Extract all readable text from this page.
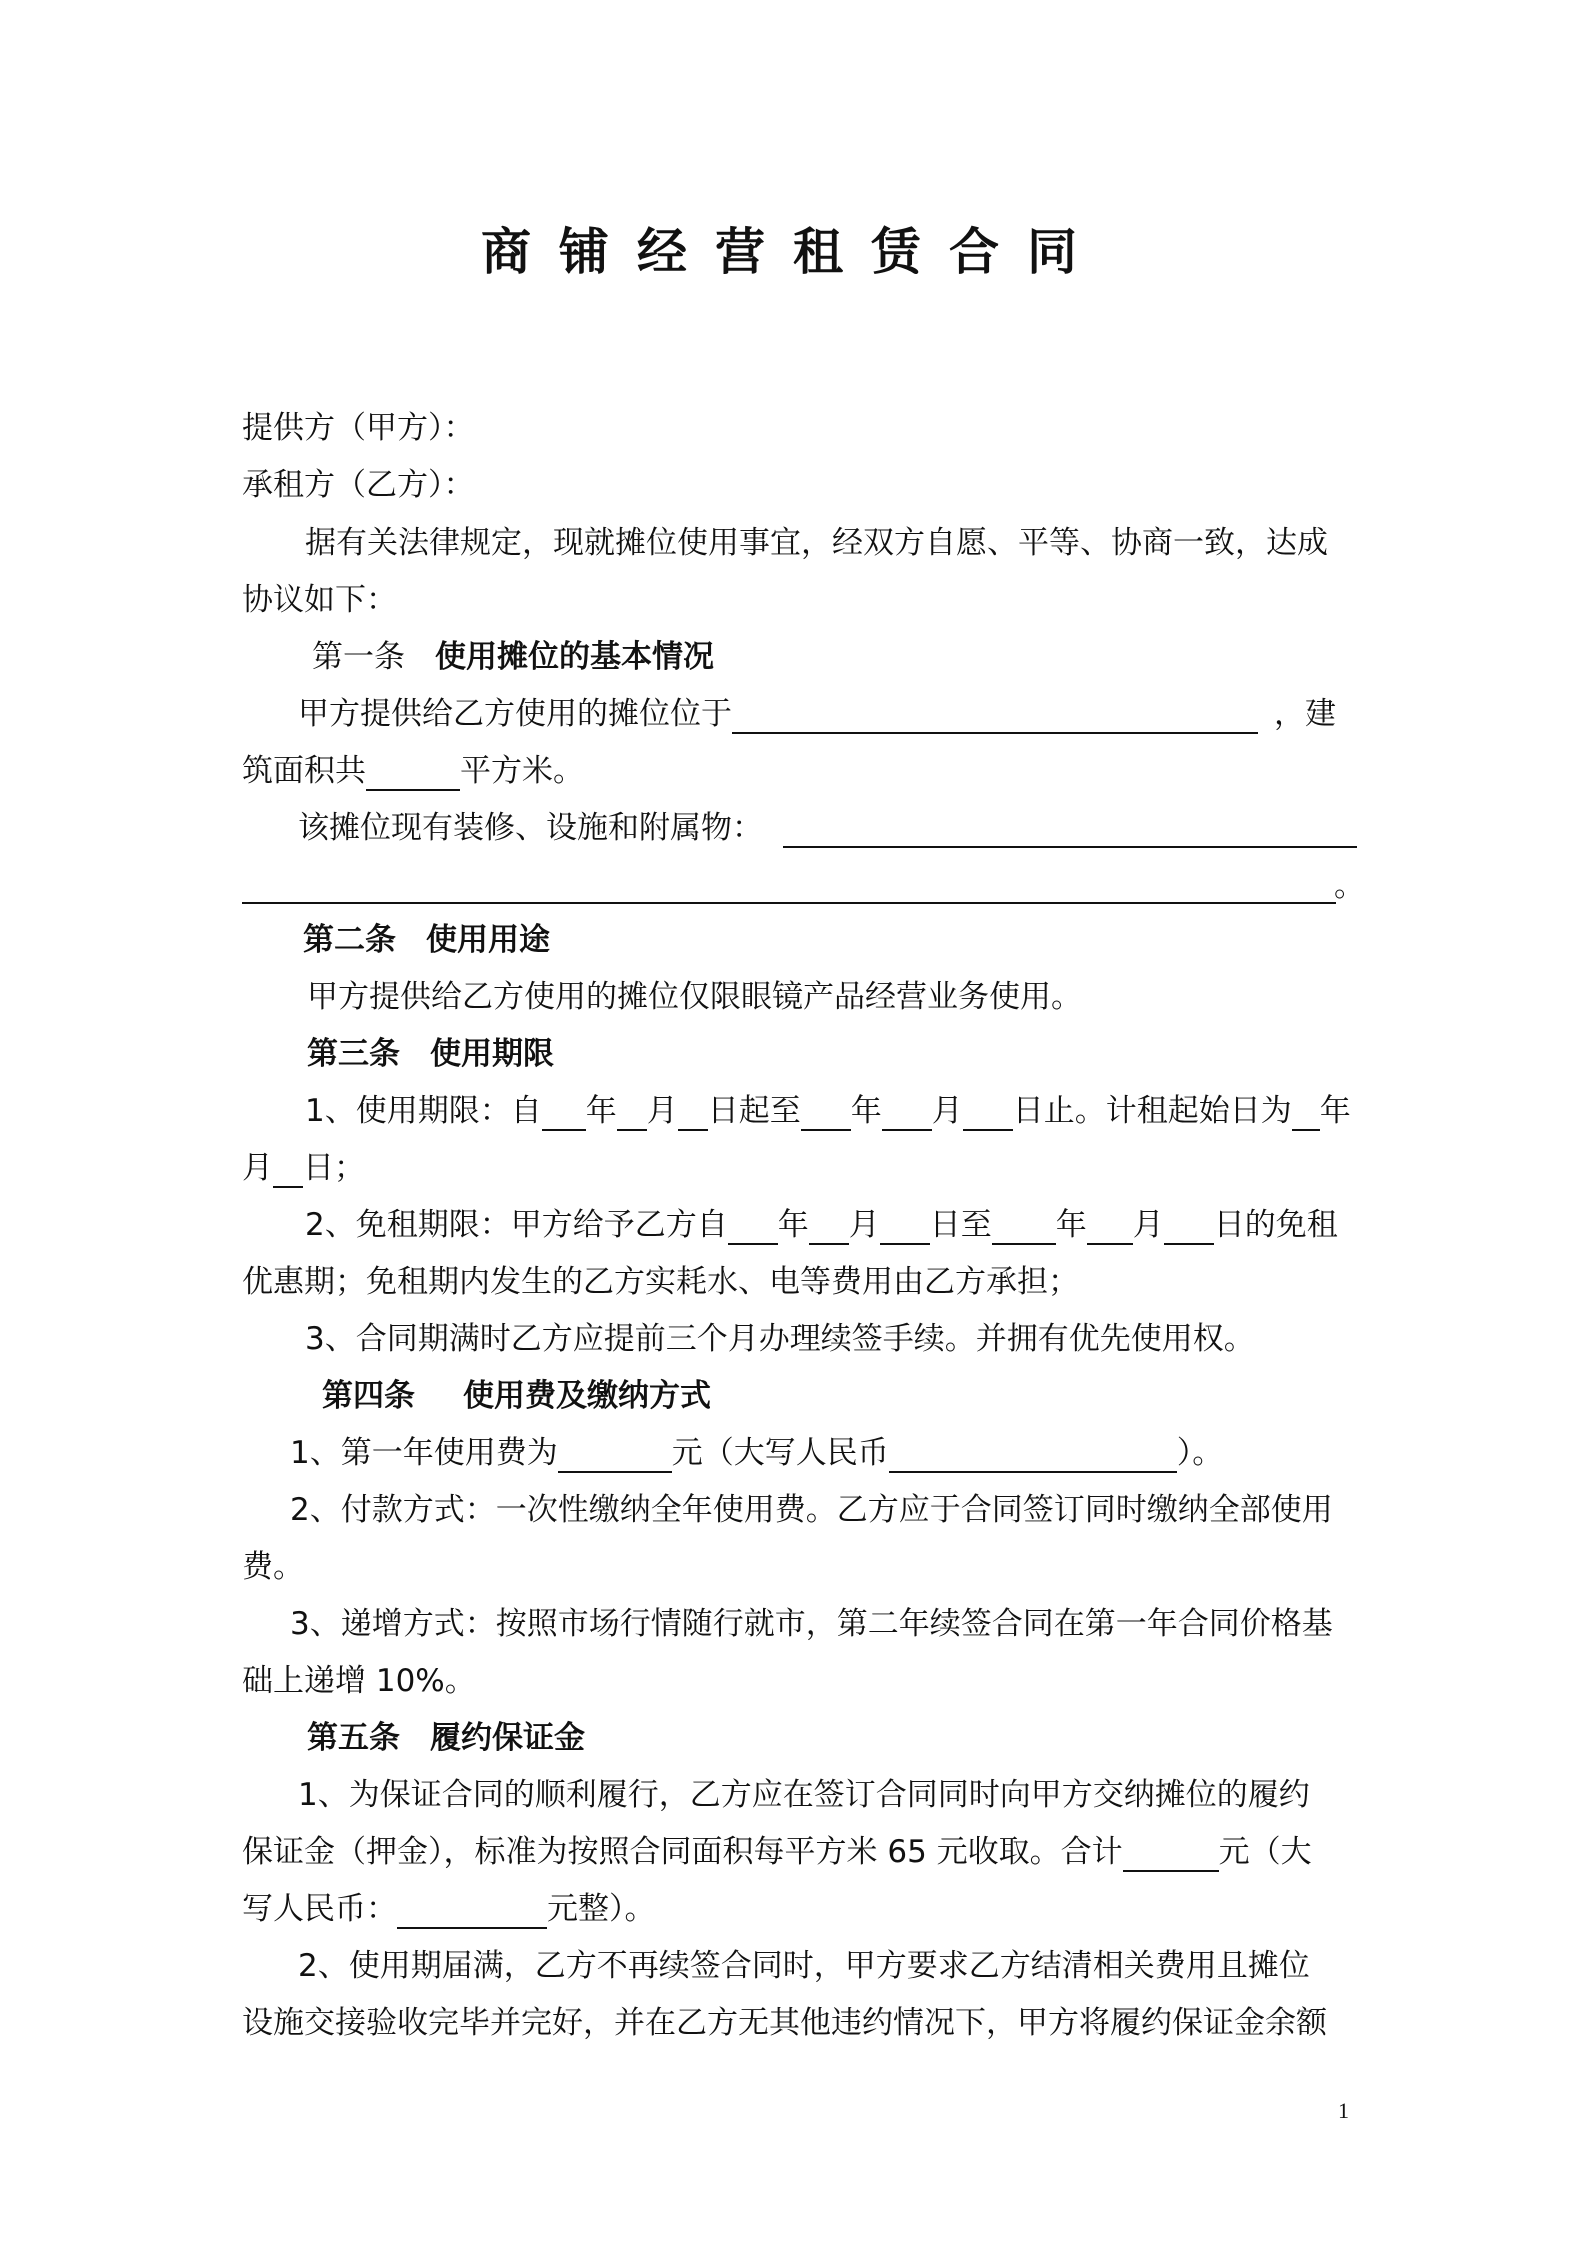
商铺经营租赁合同
提供方（甲方）：
承租方（乙方）：
据有关法律规定，现就摊位使用事宜，经双方自愿、平等、协商一致，达成
协议如下：
第一条 使用摊位的基本情况
甲方提供给乙方使用的摊位位于	，建
筑面积共	平方米。
该摊位现有装修、设施和附属物：
。
第二条 使用用途
甲方提供给乙方使用的摊位仅限眼镜产品经营业务使用。
第三条 使用期限
1、使用期限：自 年 月 日起至 年 月 日止。计租起始日为 年
月 日；
2、免租期限：甲方给予乙方自 年 月 日至 年 月 日的免租
优惠期；免租期内发生的乙方实耗水、电等费用由乙方承担；
3、合同期满时乙方应提前三个月办理续签手续。并拥有优先使用权。
第四条 使用费及缴纳方式
1、第一年使用费为	元（大写人民币	）。
2、付款方式：一次性缴纳全年使用费。乙方应于合同签订同时缴纳全部使用
费。
3、递增方式：按照市场行情随行就市，第二年续签合同在第一年合同价格基
础上递增 10%。
第五条 履约保证金
1、为保证合同的顺利履行，乙方应在签订合同同时向甲方交纳摊位的履约
保证金（押金），标准为按照合同面积每平方米 65 元收取。合计	元（大
写人民币：	元整）。
2、使用期届满，乙方不再续签合同时，甲方要求乙方结清相关费用且摊位
设施交接验收完毕并完好，并在乙方无其他违约情况下，甲方将履约保证金余额
1
